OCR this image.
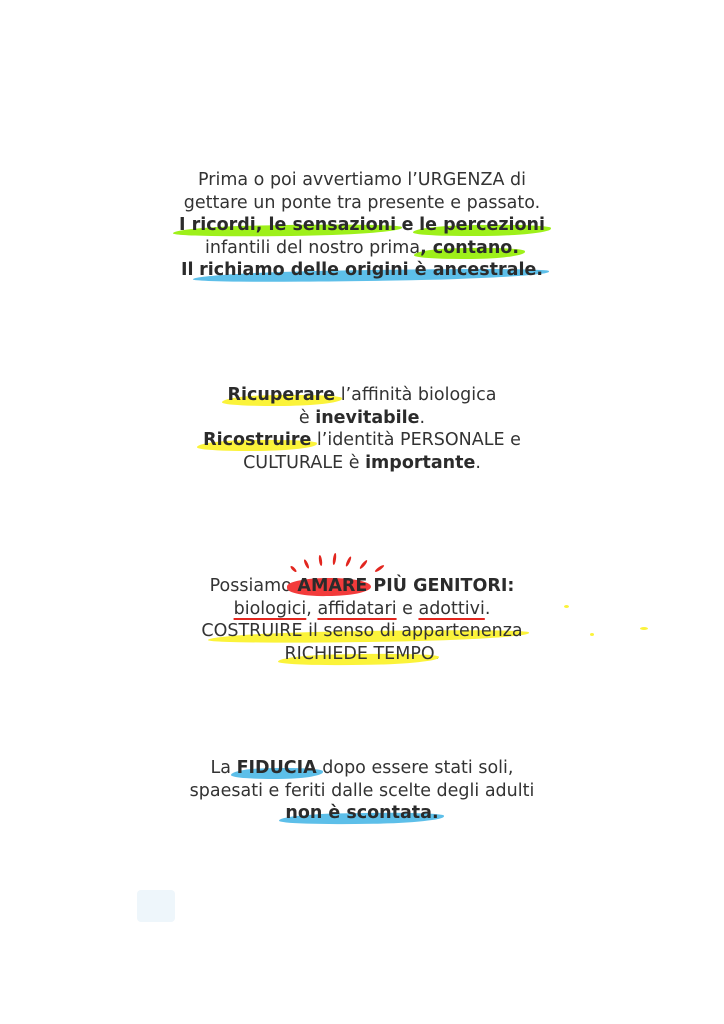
Prima o poi avvertiamo l’URGENZA di
gettare un ponte tra presente e passato.
I ricordi, le sensazioni e le percezioni
infantili del nostro prima, contano.
Il richiamo delle origini è ancestrale.
Ricuperare l’affinità biologica
è inevitabile.
Ricostruire l’identità PERSONALE e
CULTURALE è importante.
Possiamo AMARE PIÙ GENITORI:
biologici, affidatari e adottivi.
COSTRUIRE il senso di appartenenza
RICHIEDE TEMPO.
La FIDUCIA dopo essere stati soli,
spaesati e feriti dalle scelte degli adulti
non è scontata.
